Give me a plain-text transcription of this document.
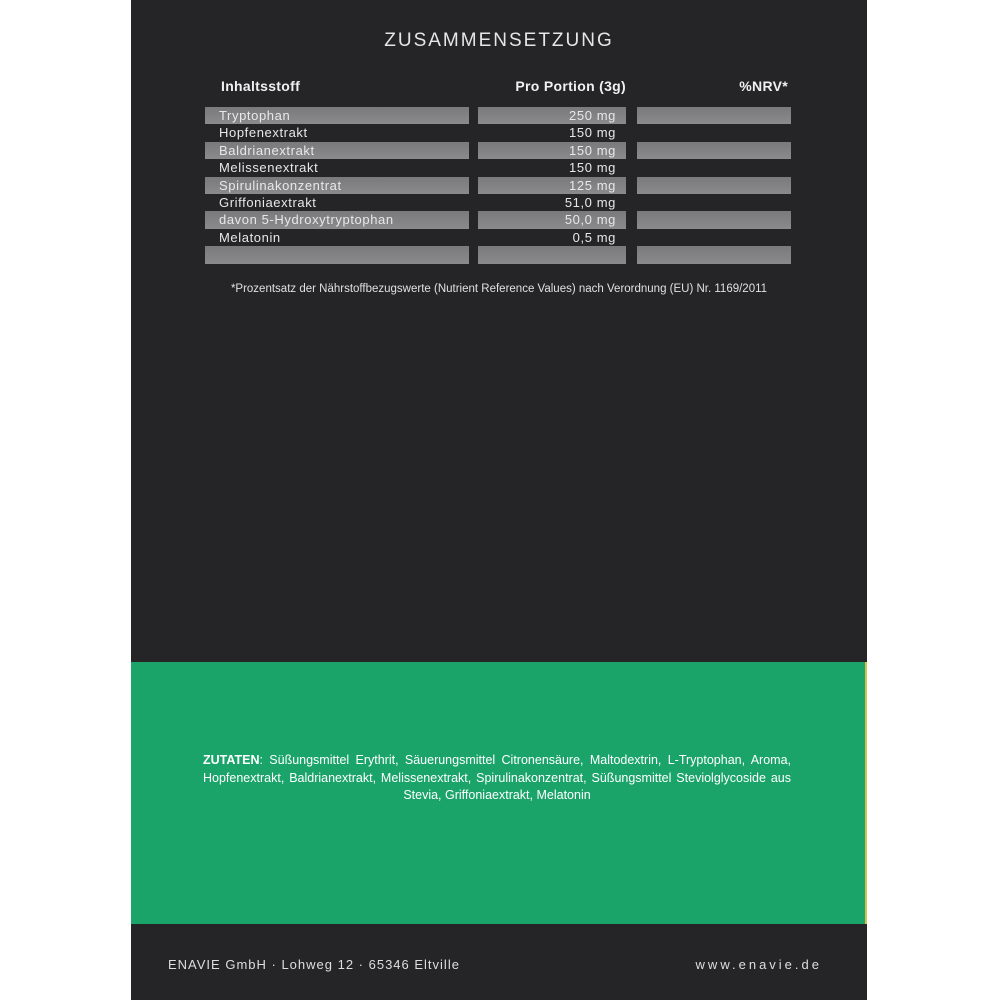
ZUSAMMENSETZUNG
Inhaltsstoff	Pro Portion (3g)	%NRV*
Tryptophan	250 mg
Hopfenextrakt	150 mg
Baldrianextrakt	150 mg
Melissenextrakt	150 mg
Spirulinakonzentrat	125 mg
Griffoniaextrakt	51,0 mg
davon 5-Hydroxytryptophan	50,0 mg
Melatonin	0,5 mg
*Prozentsatz der Nährstoffbezugswerte (Nutrient Reference Values) nach Verordnung (EU) Nr. 1169/2011
ZUTATEN: Süßungsmittel Erythrit, Säuerungsmittel Citronensäure, Maltodextrin, L-Tryptophan, Aroma, Hopfenextrakt, Baldrianextrakt, Melissenextrakt, Spirulinakonzentrat, Süßungsmittel Steviolglycoside aus Stevia, Griffoniaextrakt, Melatonin
ENAVIE GmbH · Lohweg 12 · 65346 Eltville	www.enavie.de
